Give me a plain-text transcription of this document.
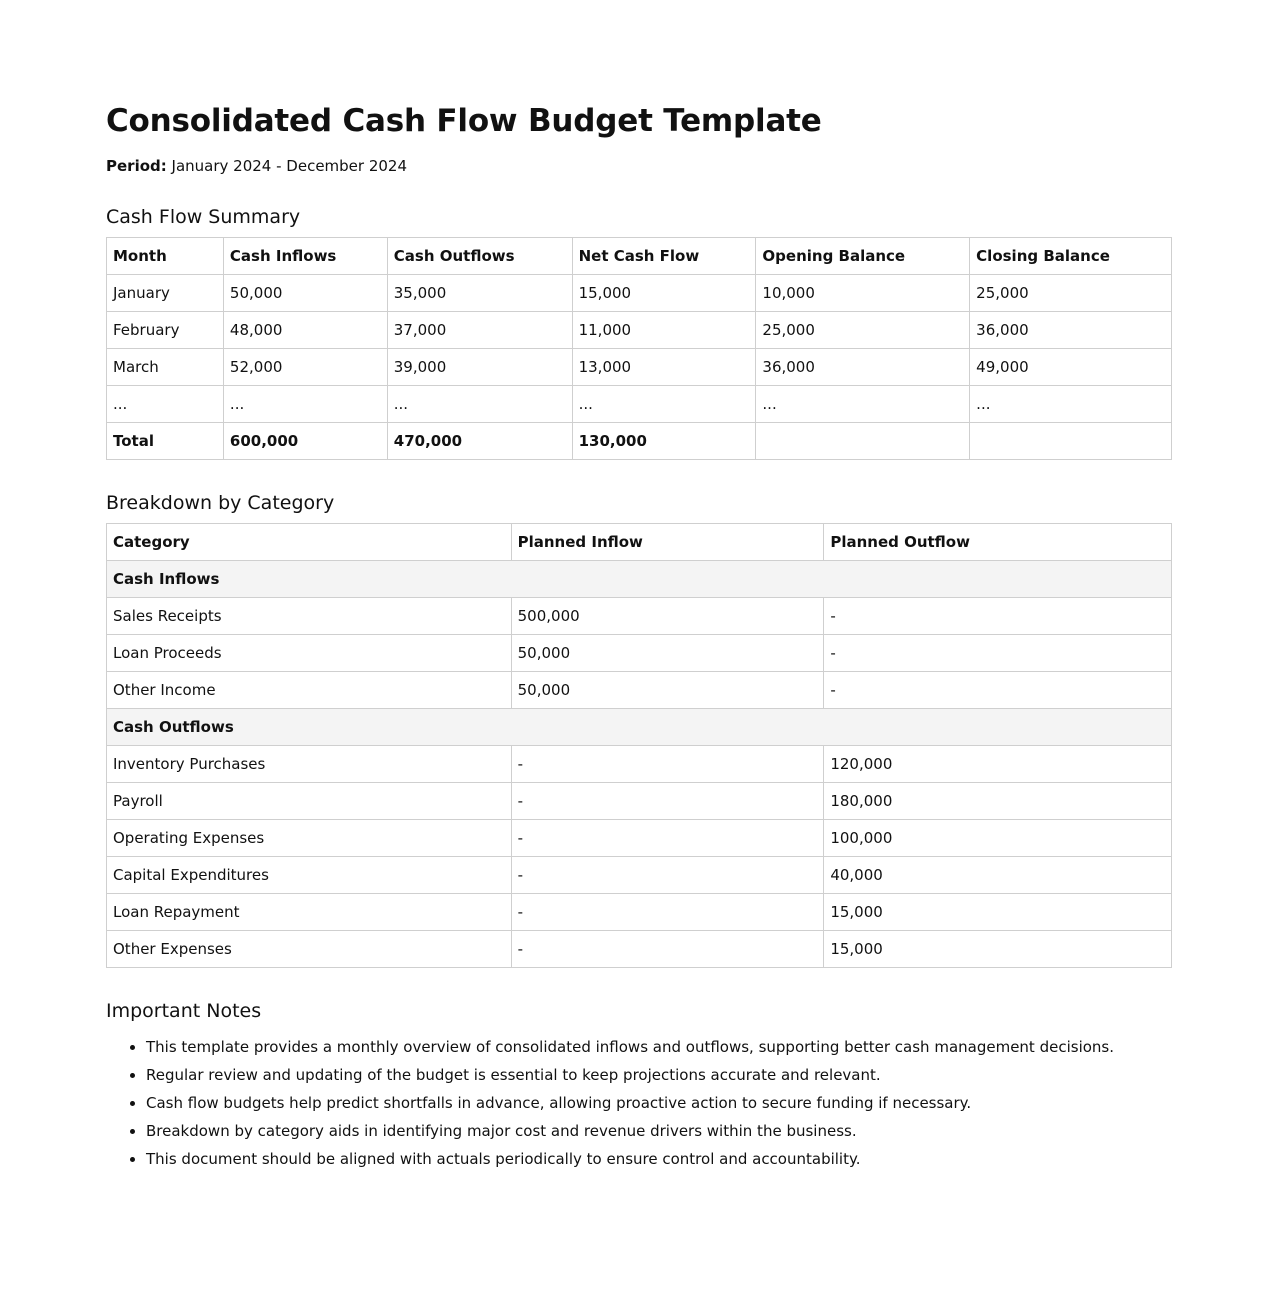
Consolidated Cash Flow Budget Template
Period: January 2024 - December 2024
Cash Flow Summary
Month	Cash Inflows	Cash Outflows	Net Cash Flow	Opening Balance	Closing Balance
January	50,000	35,000	15,000	10,000	25,000
February	48,000	37,000	11,000	25,000	36,000
March	52,000	39,000	13,000	36,000	49,000
...	...	...	...	...	...
Total	600,000	470,000	130,000		
Breakdown by Category
Category	Planned Inflow	Planned Outflow
Cash Inflows		
Sales Receipts	500,000	-
Loan Proceeds	50,000	-
Other Income	50,000	-
Cash Outflows		
Inventory Purchases	-	120,000
Payroll	-	180,000
Operating Expenses	-	100,000
Capital Expenditures	-	40,000
Loan Repayment	-	15,000
Other Expenses	-	15,000
Important Notes
• This template provides a monthly overview of consolidated inflows and outflows, supporting better cash management decisions.
• Regular review and updating of the budget is essential to keep projections accurate and relevant.
• Cash flow budgets help predict shortfalls in advance, allowing proactive action to secure funding if necessary.
• Breakdown by category aids in identifying major cost and revenue drivers within the business.
• This document should be aligned with actuals periodically to ensure control and accountability.
